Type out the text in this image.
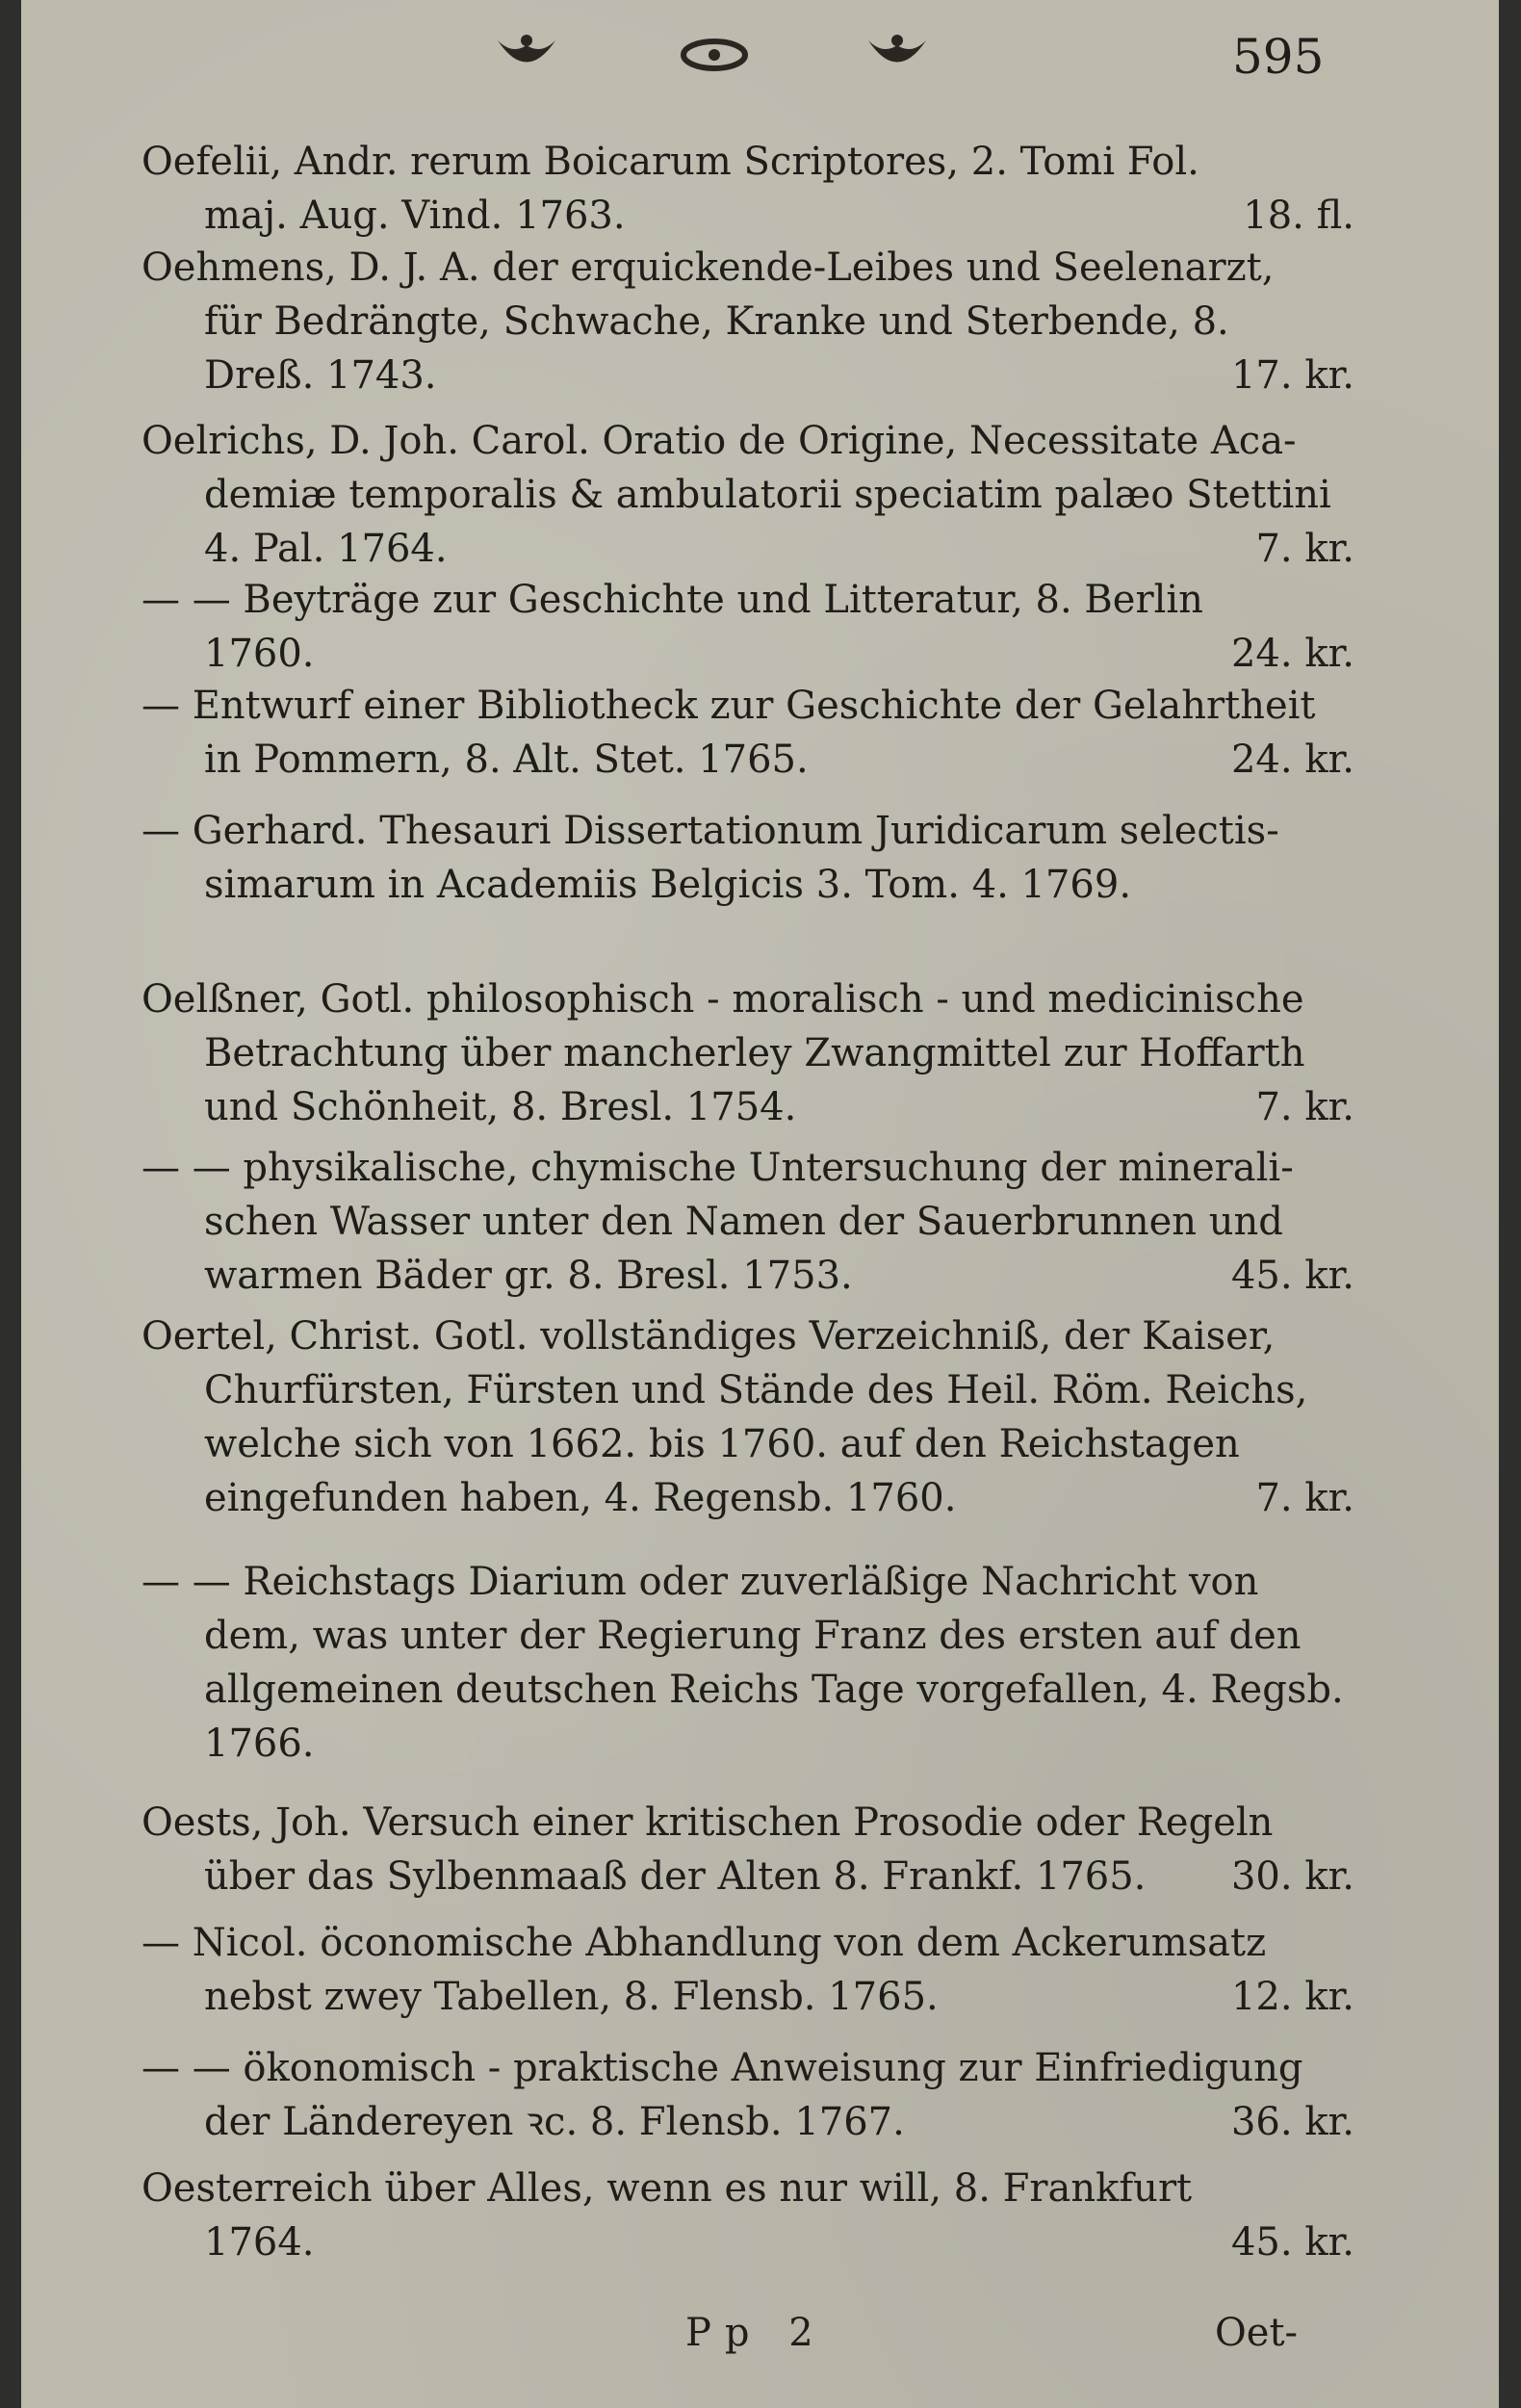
595
Oefelii, Andr. rerum Boicarum Scriptores, 2. Tomi Fol.
maj. Aug. Vind. 1763.	18. fl.
Oehmens, D. J. A. der erquickende-Leibes und Seelenarzt,
für Bedrängte, Schwache, Kranke und Sterbende, 8.
Dreß. 1743.	17. kr.
Oelrichs, D. Joh. Carol. Oratio de Origine, Necessitate Aca-
demiæ temporalis & ambulatorii speciatim palæo Stettini
4. Pal. 1764.	7. kr.
— — Beyträge zur Geschichte und Litteratur, 8. Berlin
1760.	24. kr.
— Entwurf einer Bibliotheck zur Geschichte der Gelahrtheit
in Pommern, 8. Alt. Stet. 1765.	24. kr.
— Gerhard. Thesauri Dissertationum Juridicarum selectis-
simarum in Academiis Belgicis 3. Tom. 4. 1769.
Oelßner, Gotl. philosophisch - moralisch - und medicinische
Betrachtung über mancherley Zwangmittel zur Hoffarth
und Schönheit, 8. Bresl. 1754.	7. kr.
— — physikalische, chymische Untersuchung der minerali-
schen Wasser unter den Namen der Sauerbrunnen und
warmen Bäder gr. 8. Bresl. 1753.	45. kr.
Oertel, Christ. Gotl. vollständiges Verzeichniß, der Kaiser,
Churfürsten, Fürsten und Stände des Heil. Röm. Reichs,
welche sich von 1662. bis 1760. auf den Reichstagen
eingefunden haben, 4. Regensb. 1760.	7. kr.
— — Reichstags Diarium oder zuverläßige Nachricht von
dem, was unter der Regierung Franz des ersten auf den
allgemeinen deutschen Reichs Tage vorgefallen, 4. Regsb.
1766.
Oests, Joh. Versuch einer kritischen Prosodie oder Regeln
über das Sylbenmaaß der Alten 8. Frankf. 1765.	30. kr.
— Nicol. öconomische Abhandlung von dem Ackerumsatz
nebst zwey Tabellen, 8. Flensb. 1765.	12. kr.
— — ökonomisch - praktische Anweisung zur Einfriedigung
der Ländereyen ꝛc. 8. Flensb. 1767.	36. kr.
Oesterreich über Alles, wenn es nur will, 8. Frankfurt
1764.	45. kr.
Pp 2	Oet-
